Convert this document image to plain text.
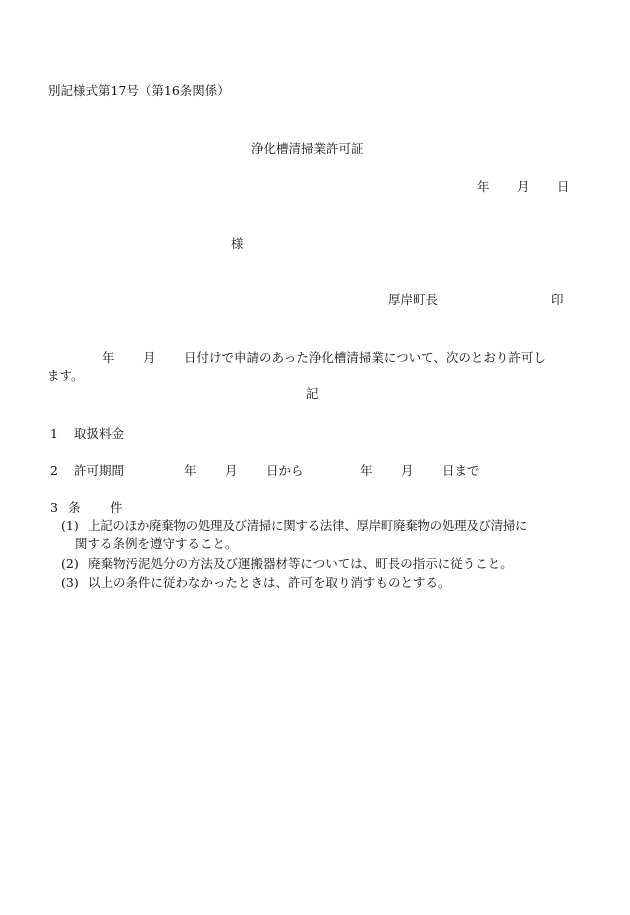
別記様式第17号（第16条関係）
浄化槽清掃業許可証
年 月 日
様
厚岸町長	印
年 月 日付けで申請のあった浄化槽清掃業について、次のとおり許可し
ます。
記
1 取扱料金
2 許可期間	年 月 日から	年 月 日まで
3 条 件
(1) 上記のほか廃棄物の処理及び清掃に関する法律、厚岸町廃棄物の処理及び清掃に
関する条例を遵守すること。
(2) 廃棄物汚泥処分の方法及び運搬器材等については、町長の指示に従うこと。
(3) 以上の条件に従わなかったときは、許可を取り消すものとする。
